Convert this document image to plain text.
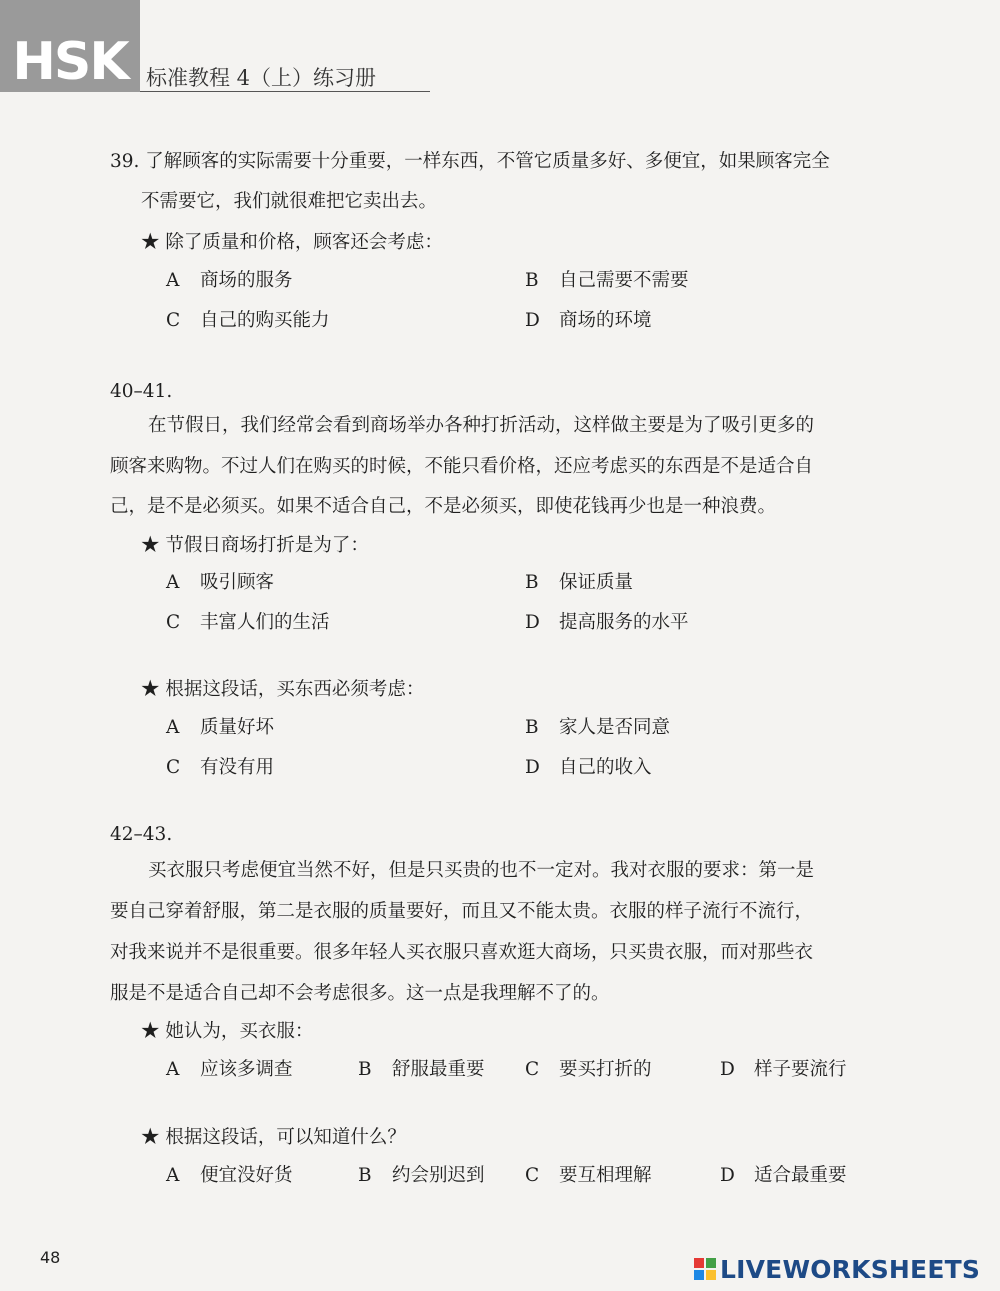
HSK 标准教程 4（上）练习册
39. 了解顾客的实际需要十分重要，一样东西，不管它质量多好、多便宜，如果顾客完全
不需要它，我们就很难把它卖出去。
★ 除了质量和价格，顾客还会考虑：
A 商场的服务	B 自己需要不需要
C 自己的购买能力	D 商场的环境
40–41.
在节假日，我们经常会看到商场举办各种打折活动，这样做主要是为了吸引更多的
顾客来购物。不过人们在购买的时候，不能只看价格，还应考虑买的东西是不是适合自
己，是不是必须买。如果不适合自己，不是必须买，即使花钱再少也是一种浪费。
★ 节假日商场打折是为了：
A 吸引顾客	B 保证质量
C 丰富人们的生活	D 提高服务的水平
★ 根据这段话，买东西必须考虑：
A 质量好坏	B 家人是否同意
C 有没有用	D 自己的收入
42–43.
买衣服只考虑便宜当然不好，但是只买贵的也不一定对。我对衣服的要求：第一是
要自己穿着舒服，第二是衣服的质量要好，而且又不能太贵。衣服的样子流行不流行，
对我来说并不是很重要。很多年轻人买衣服只喜欢逛大商场，只买贵衣服，而对那些衣
服是不是适合自己却不会考虑很多。这一点是我理解不了的。
★ 她认为，买衣服：
A 应该多调查	B 舒服最重要 C 要买打折的	D 样子要流行
★ 根据这段话，可以知道什么？
A 便宜没好货	B 约会别迟到 C 要互相理解	D 适合最重要
48	LIVEWORKSHEETS
